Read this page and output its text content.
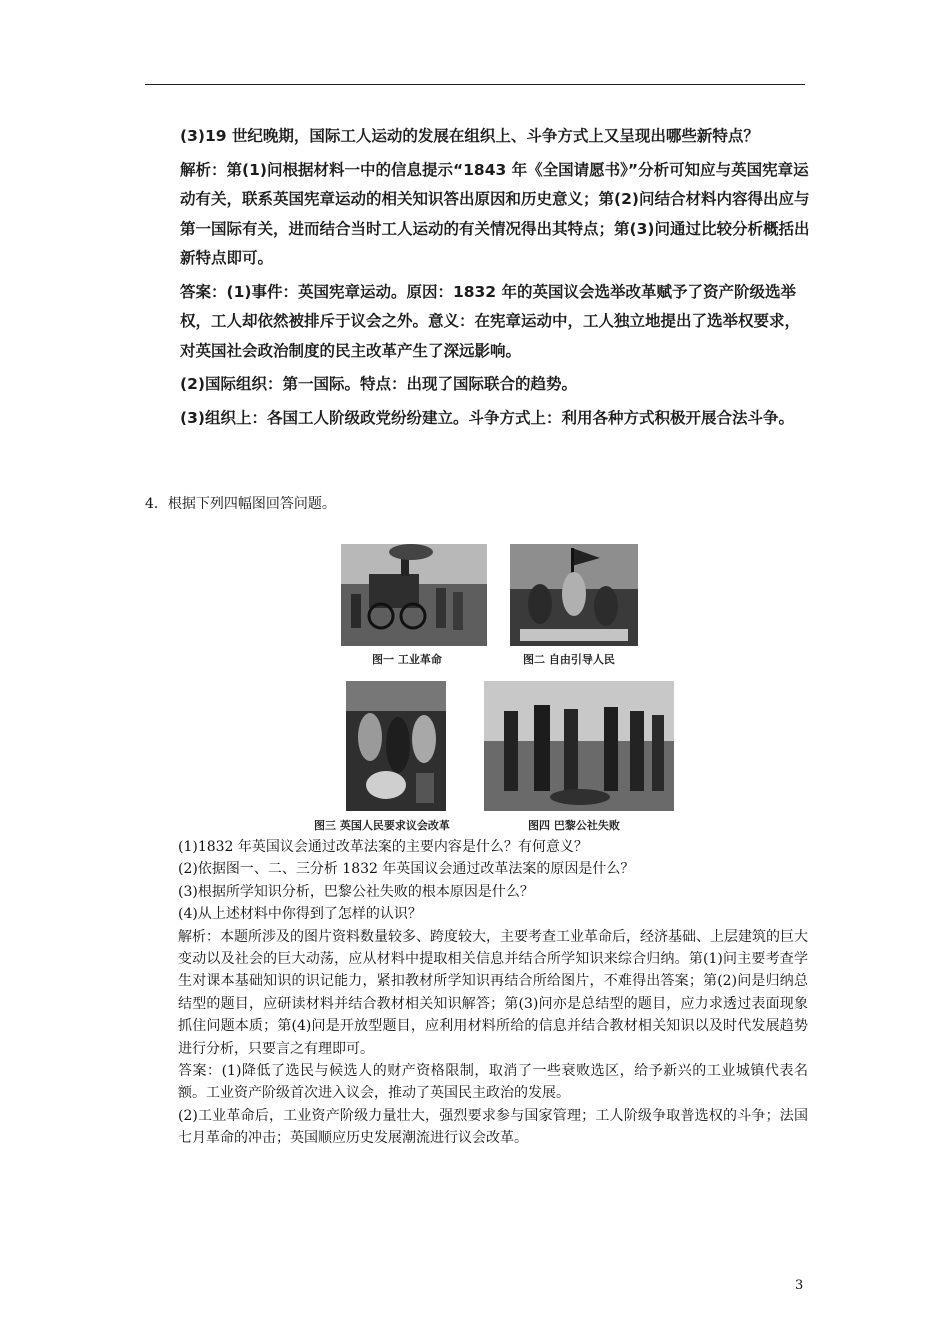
(3)19 世纪晚期，国际工人运动的发展在组织上、斗争方式上又呈现出哪些新特点？

解析：第(1)问根据材料一中的信息提示“1843 年《全国请愿书》”分析可知应与英国宪章运动有关，联系英国宪章运动的相关知识答出原因和历史意义；第(2)问结合材料内容得出应与第一国际有关，进而结合当时工人运动的有关情况得出其特点；第(3)问通过比较分析概括出新特点即可。

答案：(1)事件：英国宪章运动。原因：1832 年的英国议会选举改革赋予了资产阶级选举权，工人却依然被排斥于议会之外。意义：在宪章运动中，工人独立地提出了选举权要求，对英国社会政治制度的民主改革产生了深远影响。

(2)国际组织：第一国际。特点：出现了国际联合的趋势。

(3)组织上：各国工人阶级政党纷纷建立。斗争方式上：利用各种方式积极开展合法斗争。

4．根据下列四幅图回答问题。
图一 工业革命	图二 自由引导人民
图三 英国人民要求议会改革	图四 巴黎公社失败

(1)1832 年英国议会通过改革法案的主要内容是什么？有何意义？

(2)依据图一、二、三分析 1832 年英国议会通过改革法案的原因是什么？

(3)根据所学知识分析，巴黎公社失败的根本原因是什么？

(4)从上述材料中你得到了怎样的认识？

解析：本题所涉及的图片资料数量较多、跨度较大，主要考查工业革命后，经济基础、上层建筑的巨大变动以及社会的巨大动荡，应从材料中提取相关信息并结合所学知识来综合归纳。第(1)问主要考查学生对课本基础知识的识记能力，紧扣教材所学知识再结合所给图片，不难得出答案；第(2)问是归纳总结型的题目，应研读材料并结合教材相关知识解答；第(3)问亦是总结型的题目，应力求透过表面现象抓住问题本质；第(4)问是开放型题目，应利用材料所给的信息并结合教材相关知识以及时代发展趋势进行分析，只要言之有理即可。

答案：(1)降低了选民与候选人的财产资格限制，取消了一些衰败选区，给予新兴的工业城镇代表名额。工业资产阶级首次进入议会，推动了英国民主政治的发展。

(2)工业革命后，工业资产阶级力量壮大，强烈要求参与国家管理；工人阶级争取普选权的斗争；法国七月革命的冲击；英国顺应历史发展潮流进行议会改革。

3
